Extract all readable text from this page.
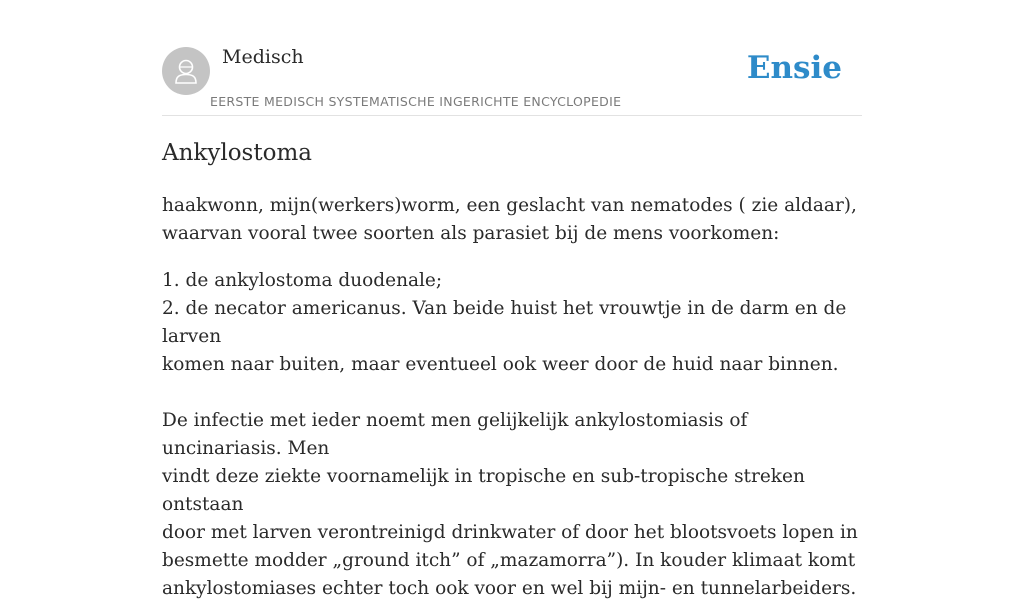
Medisch
EERSTE MEDISCH SYSTEMATISCHE INGERICHTE ENCYCLOPEDIE
Ensie
Ankylostoma

haakwonn, mijn(werkers)worm, een geslacht van nematodes ( zie aldaar),
waarvan vooral twee soorten als parasiet bij de mens voorkomen:

1. de ankylostoma duodenale;
2. de necator americanus. Van beide huist het vrouwtje in de darm en de larven
komen naar buiten, maar eventueel ook weer door de huid naar binnen.

De infectie met ieder noemt men gelijkelijk ankylostomiasis of uncinariasis. Men
vindt deze ziekte voornamelijk in tropische en sub-tropische streken ontstaan
door met larven verontreinigd drinkwater of door het blootsvoets lopen in
besmette modder „ground itch” of „mazamorra”). In kouder klimaat komt
ankylostomiases echter toch ook voor en wel bij mijn- en tunnelarbeiders.
